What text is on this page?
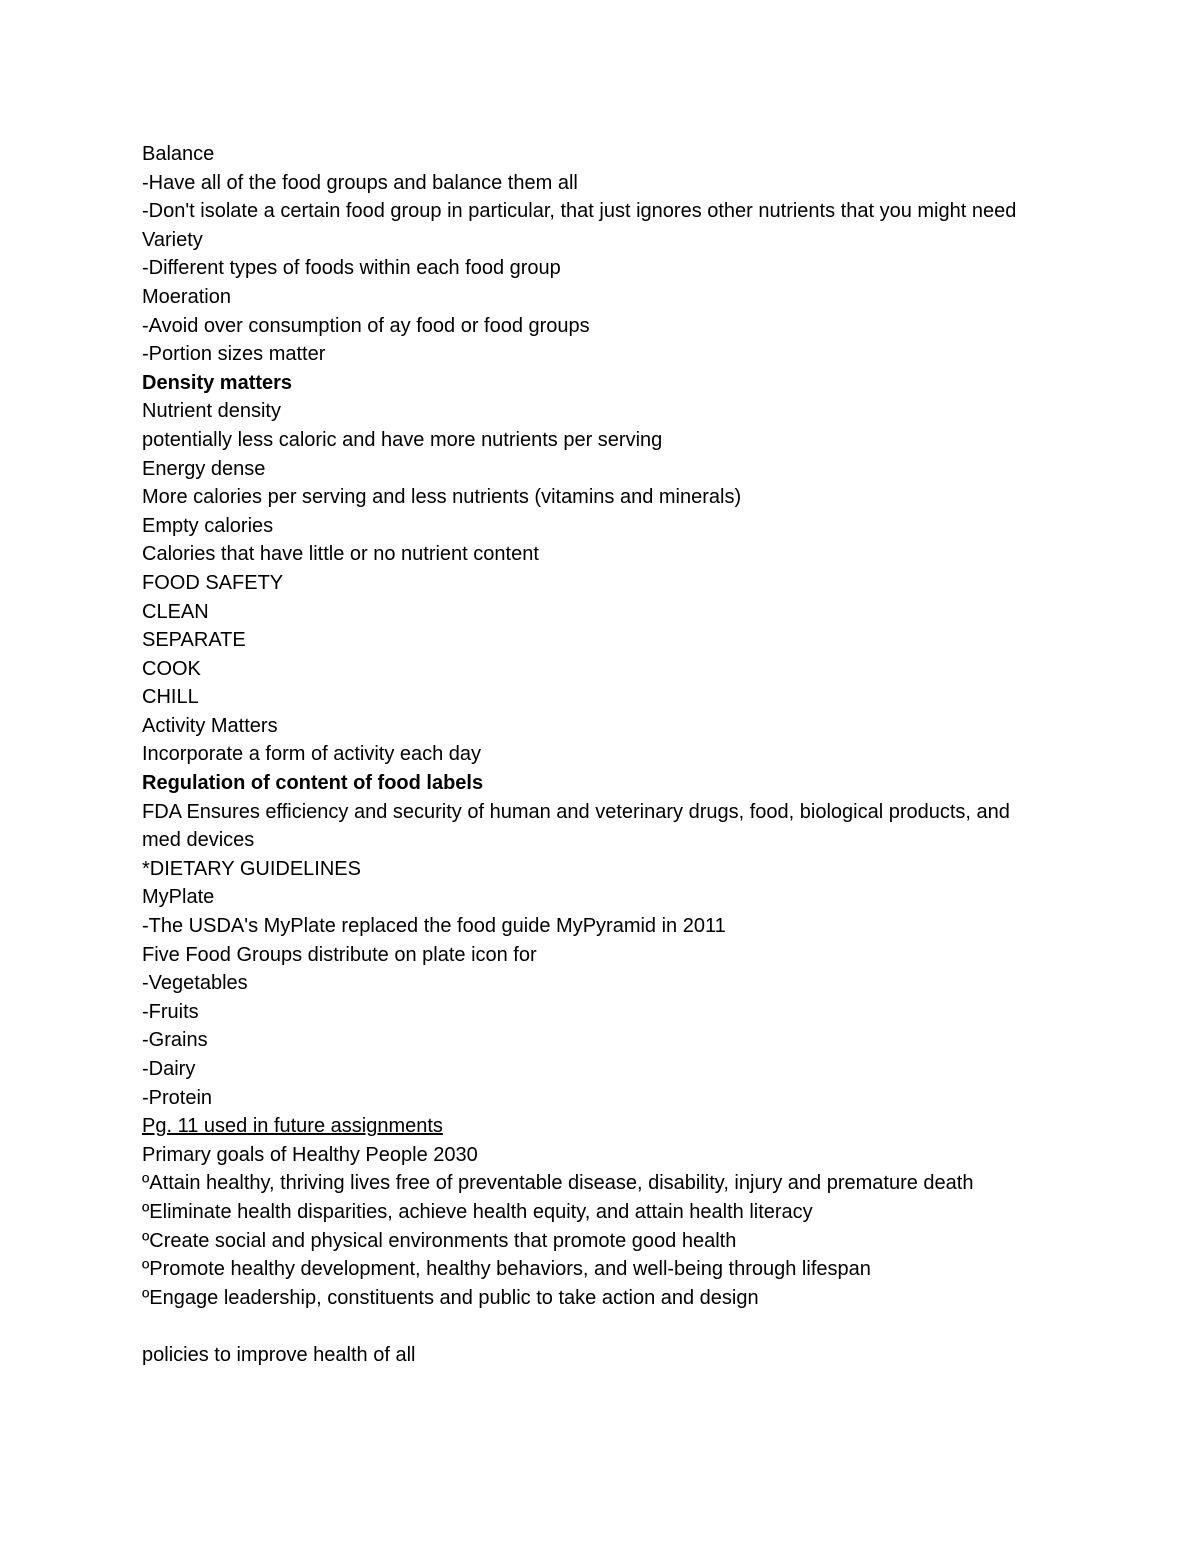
Balance

-Have all of the food groups and balance them all

-Don't isolate a certain food group in particular, that just ignores other nutrients that you might need

Variety

-Different types of foods within each food group

Moeration

-Avoid over consumption of ay food or food groups

-Portion sizes matter

Density matters

Nutrient density

potentially less caloric and have more nutrients per serving

Energy dense

More calories per serving and less nutrients (vitamins and minerals)

Empty calories

Calories that have little or no nutrient content

FOOD SAFETY

CLEAN

SEPARATE

COOK

CHILL

Activity Matters

Incorporate a form of activity each day

Regulation of content of food labels

FDA Ensures efficiency and security of human and veterinary drugs, food, biological products, and med devices

*DIETARY GUIDELINES

MyPlate

-The USDA's MyPlate replaced the food guide MyPyramid in 2011

Five Food Groups distribute on plate icon for

-Vegetables

-Fruits

-Grains

-Dairy

-Protein

Pg. 11 used in future assignments

Primary goals of Healthy People 2030

ºAttain healthy, thriving lives free of preventable disease, disability, injury and premature death

ºEliminate health disparities, achieve health equity, and attain health literacy

ºCreate social and physical environments that promote good health

ºPromote healthy development, healthy behaviors, and well-being through lifespan

ºEngage leadership, constituents and public to take action and design

policies to improve health of all
